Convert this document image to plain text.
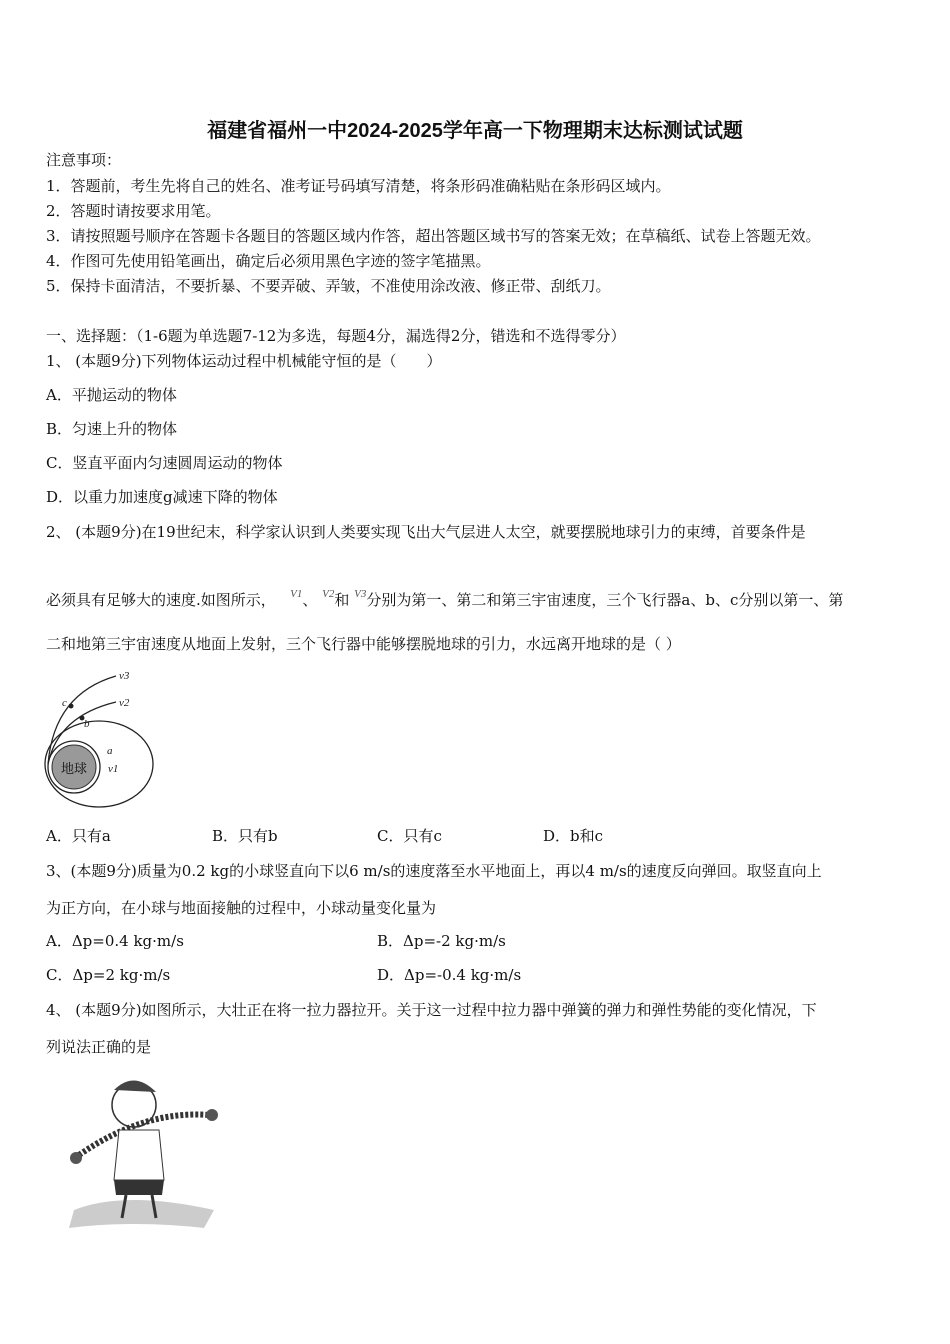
福建省福州一中2024-2025学年高一下物理期末达标测试试题
注意事项：
1．答题前，考生先将自己的姓名、准考证号码填写清楚，将条形码准确粘贴在条形码区域内。
2．答题时请按要求用笔。
3．请按照题号顺序在答题卡各题目的答题区域内作答，超出答题区域书写的答案无效；在草稿纸、试卷上答题无效。
4．作图可先使用铅笔画出，确定后必须用黑色字迹的签字笔描黑。
5．保持卡面清洁，不要折暴、不要弄破、弄皱，不准使用涂改液、修正带、刮纸刀。
一、选择题：（1-6题为单选题7-12为多选，每题4分，漏选得2分，错选和不选得零分）
1、 (本题9分)下列物体运动过程中机械能守恒的是（　　）
A．平抛运动的物体
B．匀速上升的物体
C．竖直平面内匀速圆周运动的物体
D．以重力加速度g减速下降的物体
2、 (本题9分)在19世纪末，科学家认识到人类要实现飞出大气层进人太空，就要摆脱地球引力的束缚，首要条件是
必须具有足够大的速度.如图所示， $^{V1}$、 $^{V2}$和 $^{V3}$分别为第一、第二和第三宇宙速度，三个飞行器a、b、c分别以第一、第
二和地第三宇宙速度从地面上发射，三个飞行器中能够摆脱地球的引力，水远离开地球的是（ ）
地球
v3
v2
v1
a
b
c
A．只有a	B．只有b	C．只有c	D．b和c
3、(本题9分)质量为0.2 kg的小球竖直向下以6 m/s的速度落至水平地面上，再以4 m/s的速度反向弹回。取竖直向上
为正方向，在小球与地面接触的过程中，小球动量变化量为
A．Δp=0.4 kg·m/s	B．Δp=-2 kg·m/s
C．Δp=2 kg·m/s	D．Δp=-0.4 kg·m/s
4、 (本题9分)如图所示，大壮正在将一拉力器拉开。关于这一过程中拉力器中弹簧的弹力和弹性势能的变化情况，下
列说法正确的是
